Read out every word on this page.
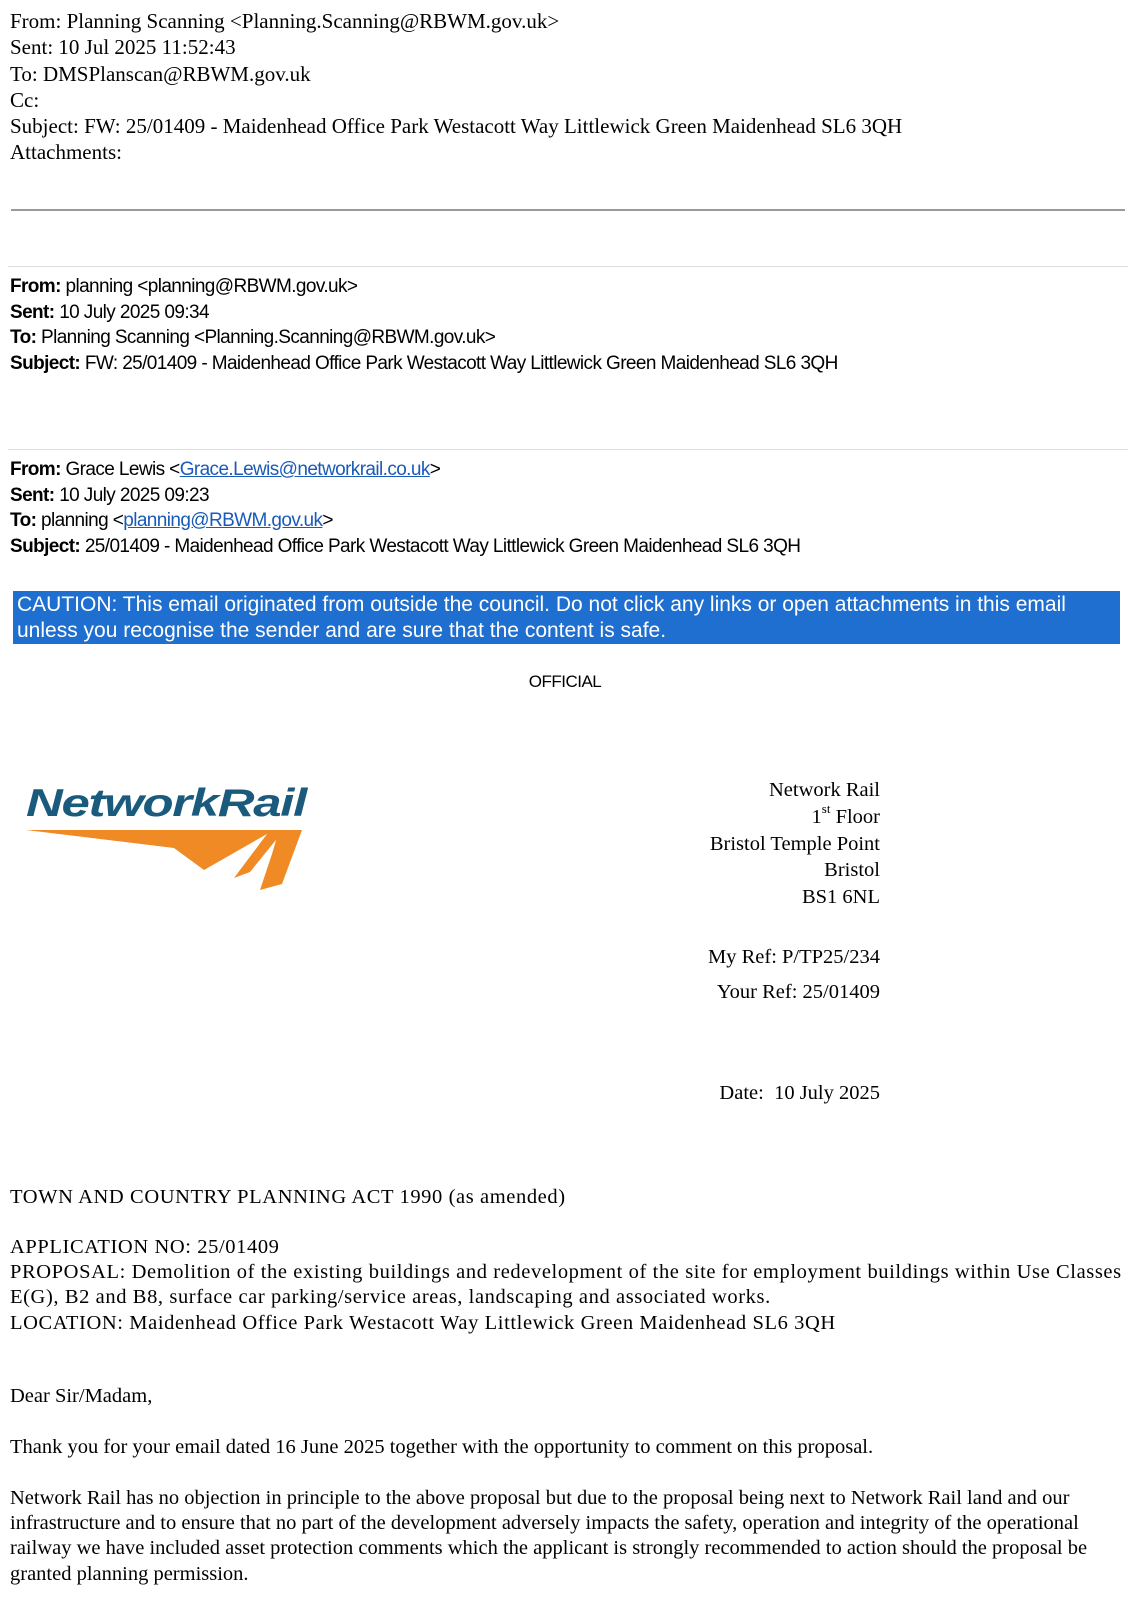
From: Planning Scanning <Planning.Scanning@RBWM.gov.uk>
Sent: 10 Jul 2025 11:52:43
To: DMSPlanscan@RBWM.gov.uk
Cc:
Subject: FW: 25/01409 - Maidenhead Office Park Westacott Way Littlewick Green Maidenhead SL6 3QH
Attachments:
From: planning <planning@RBWM.gov.uk>
Sent: 10 July 2025 09:34
To: Planning Scanning <Planning.Scanning@RBWM.gov.uk>
Subject: FW: 25/01409 - Maidenhead Office Park Westacott Way Littlewick Green Maidenhead SL6 3QH
From: Grace Lewis <Grace.Lewis@networkrail.co.uk>
Sent: 10 July 2025 09:23
To: planning <planning@RBWM.gov.uk>
Subject: 25/01409 - Maidenhead Office Park Westacott Way Littlewick Green Maidenhead SL6 3QH
CAUTION: This email originated from outside the council. Do not click any links or open attachments in this email unless you recognise the sender and are sure that the content is safe.
OFFICIAL
NetworkRail	Network Rail
1st Floor
Bristol Temple Point
Bristol
BS1 6NL
My Ref: P/TP25/234
Your Ref: 25/01409
Date:  10 July 2025
TOWN AND COUNTRY PLANNING ACT 1990 (as amended)
APPLICATION NO: 25/01409
PROPOSAL: Demolition of the existing buildings and redevelopment of the site for employment buildings within Use Classes E(G), B2 and B8, surface car parking/service areas, landscaping and associated works.
LOCATION: Maidenhead Office Park Westacott Way Littlewick Green Maidenhead SL6 3QH
Dear Sir/Madam,
Thank you for your email dated 16 June 2025 together with the opportunity to comment on this proposal.
Network Rail has no objection in principle to the above proposal but due to the proposal being next to Network Rail land and our infrastructure and to ensure that no part of the development adversely impacts the safety, operation and integrity of the operational railway we have included asset protection comments which the applicant is strongly recommended to action should the proposal be granted planning permission.
